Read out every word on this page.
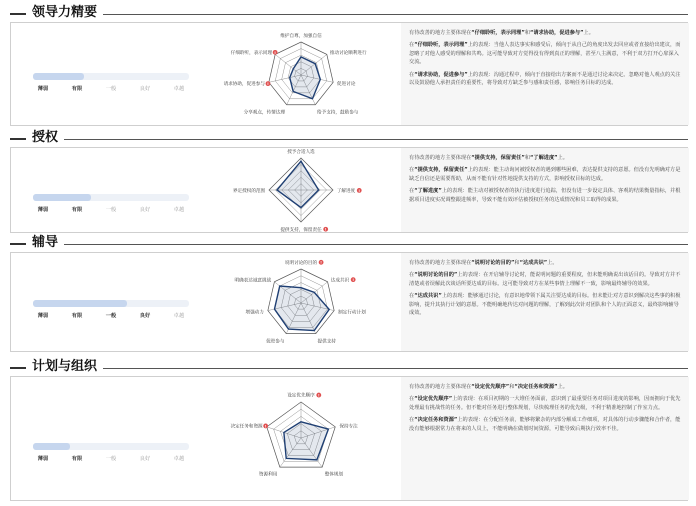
领导力精要
薄弱	有限	一般	良好	卓越
维护自尊，加强自信
推动讨论顺利进行
促进讨论
给予支持，鼓励参与
分享观点，传情达理
请求协助，促进参与 !
仔细聆听，表示同理 !

有待改善的地方主要体现在“仔细聆听，表示同理”和“请求协助，促进参与”上。

在“仔细聆听，表示同理”上的表现：当他人表达事实和感受后，倾向于从自己的角度出发去回应或者直接给出建议，而忽略了对他人感受的理解和共鸣。这可能导致对方觉得没有得到真正的理解，甚至八主满意，不利于双方打开心扉深入交流。

在“请求协助，促进参与”上的表现：沟通过程中，倾向于直接给出方案而不是通过讨论来决定。忽略对他人观点的关注以及鼓励他人承担责任的重要性，将导致对方缺乏参与感和责任感，影响任务目标的达成。

授权
薄弱	有限	一般	良好	卓越
授予合适人选
了解进度 !
提供支持，保留责任 !
界定授权的范围

有待改善的地方主要体现在“提供支持，保留责任”和“了解进度”上。

在“提供支持，保留责任”上的表现：能主动询问被授权者的遇到哪些困难，表达提供支持的意愿。但没有先明确对方是缺乏自信还是需要帮助，从而不能有针对性地提供支持的方式，影响授权目标的达成。

在“了解进度”上的表现：能主动对被授权者的执行进度进行追踪，但没有进一步设定具体、客观的结果衡量指标，并根据项目进度实况调整跟进频率，导致不能有效评估被授权任务的达成情况和员工取得的成果。

辅导
薄弱	有限	一般	良好	卓越
说明讨论的目的 !
达成共识 !
制定行动计划
提供支持
促进参与
增强动力
明确表达诚意挑战

有待改善的地方主要体现在“说明讨论的目的”和“达成共识”上。

在“说明讨论的目的”上的表现：在开启辅导讨论时，能说明问题的重要程度，但未能明确说出该话目的。导致对方并不清楚或者误解此次谈话所要达成的目标。这可能导致对方在某些事情上理解不一致，影响最终辅导的效果。

在“达成共识”上的表现：能够通过讨论，有意识地带领下属关注要达成的目标。但未能让对方意识到解决这些事的积极影响，提升其执行计划的意愿。不能明确地传达对问题的理解，了解到此次针对团队和个人的正面意义，最终影响辅导成效。

计划与组织
薄弱	有限	一般	良好	卓越
设定优先顺序 !
保持专注
整体规划
资源利用
决定任务和资源 !

有待改善的地方主要体现在“设定优先顺序”和“决定任务和资源”上。

在“设定优先顺序”上的表现：在项目初期的一大堆任务面前，意识到了最重要任务对项目进度的影响，因而拥向于优先处理最有挑战性的任务。但不能对任务进行整体规划，尽快梳理任务的优先级，不利于精准地控制了作室力点。

在“决定任务和资源”上的表现：在分配任务前，能够将繁杂的内部分解成工作细项，对具体的行动步骤能和合作者，能没有能够根据常力在将来的人员上，不能明确在做划时间资源，可能导致后期执行效率不佳。
